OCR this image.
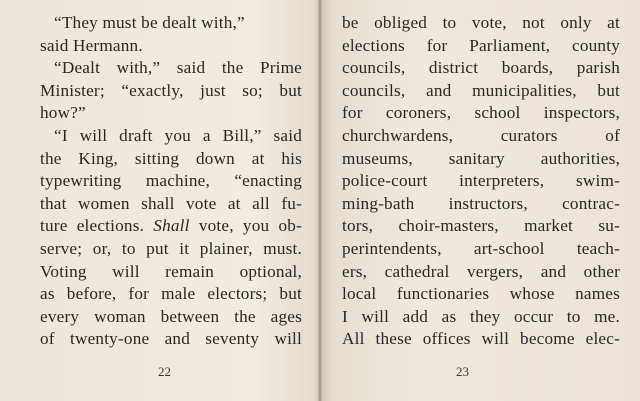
“They must be dealt with,”
said Hermann.
“Dealt with,” said the Prime
Minister; “exactly, just so; but
how?”
“I will draft you a Bill,” said
the King, sitting down at his
typewriting machine, “enacting
that women shall vote at all fu-
ture elections. Shall vote, you ob-
serve; or, to put it plainer, must.
Voting will remain optional,
as before, for male electors; but
every woman between the ages
of twenty-one and seventy will
22
be obliged to vote, not only at
elections for Parliament, county
councils, district boards, parish
councils, and municipalities, but
for coroners, school inspectors,
churchwardens, curators of
museums, sanitary authorities,
police-court interpreters, swim-
ming-bath instructors, contrac-
tors, choir-masters, market su-
perintendents, art-school teach-
ers, cathedral vergers, and other
local functionaries whose names
I will add as they occur to me.
All these offices will become elec-
23
